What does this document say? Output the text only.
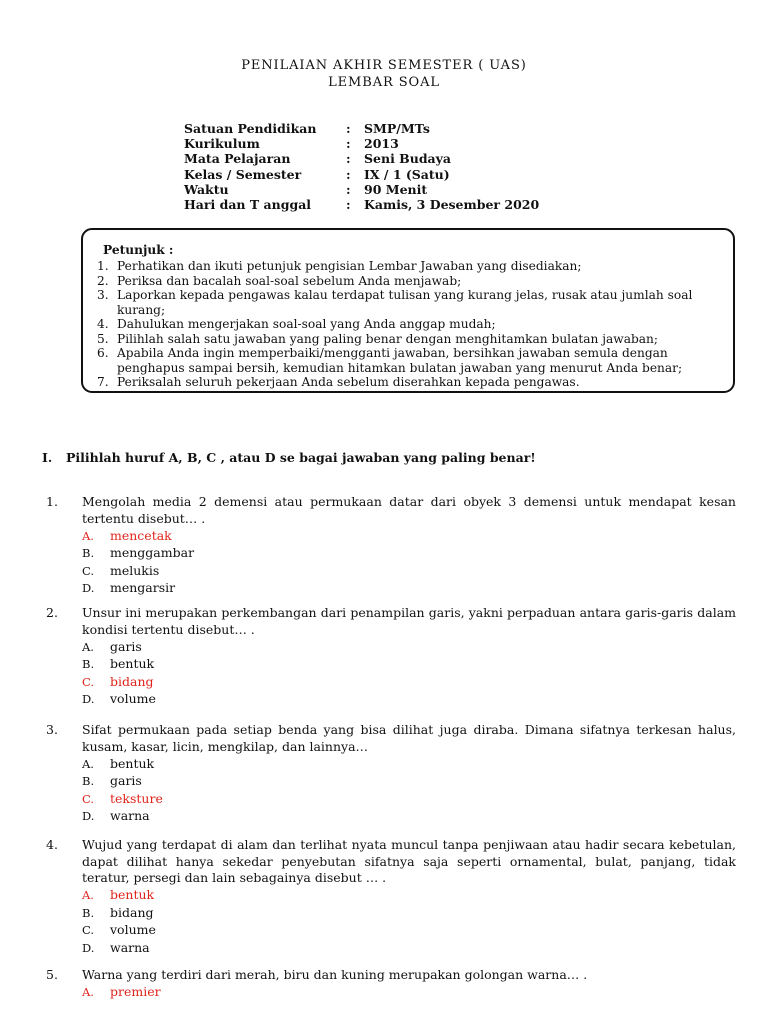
PENILAIAN AKHIR SEMESTER ( UAS)
LEMBAR SOAL
Satuan Pendidikan	:	SMP/MTs
Kurikulum	:	2013
Mata Pelajaran	:	Seni Budaya
Kelas / Semester	:	IX / 1 (Satu)
Waktu	:	90 Menit
Hari dan T anggal	:	Kamis, 3 Desember 2020
Petunjuk :
1. Perhatikan dan ikuti petunjuk pengisian Lembar Jawaban yang disediakan;
2. Periksa dan bacalah soal-soal sebelum Anda menjawab;
3. Laporkan kepada pengawas kalau terdapat tulisan yang kurang jelas, rusak atau jumlah soal kurang;
4. Dahulukan mengerjakan soal-soal yang Anda anggap mudah;
5. Pilihlah salah satu jawaban yang paling benar dengan menghitamkan bulatan jawaban;
6. Apabila Anda ingin memperbaiki/mengganti jawaban, bersihkan jawaban semula dengan penghapus sampai bersih, kemudian hitamkan bulatan jawaban yang menurut Anda benar;
7. Periksalah seluruh pekerjaan Anda sebelum diserahkan kepada pengawas.
I. Pilihlah huruf A, B, C , atau D se bagai jawaban yang paling benar!
1.	Mengolah media 2 demensi atau permukaan datar dari obyek 3 demensi untuk mendapat kesan tertentu disebut… .
A.	mencetak
B.	menggambar
C.	melukis
D.	mengarsir
2.	Unsur ini merupakan perkembangan dari penampilan garis, yakni perpaduan antara garis-garis dalam kondisi tertentu disebut… .
A.	garis
B.	bentuk
C.	bidang
D.	volume
3.	Sifat permukaan pada setiap benda yang bisa dilihat juga diraba. Dimana sifatnya terkesan halus, kusam, kasar, licin, mengkilap, dan lainnya…
A.	bentuk
B.	garis
C.	teksture
D.	warna
4.	Wujud yang terdapat di alam dan terlihat nyata muncul tanpa penjiwaan atau hadir secara kebetulan, dapat dilihat hanya sekedar penyebutan sifatnya saja seperti ornamental, bulat, panjang, tidak teratur, persegi dan lain sebagainya disebut … .
A.	bentuk
B.	bidang
C.	volume
D.	warna
5.	Warna yang terdiri dari merah, biru dan kuning merupakan golongan warna… .
A.	premier
